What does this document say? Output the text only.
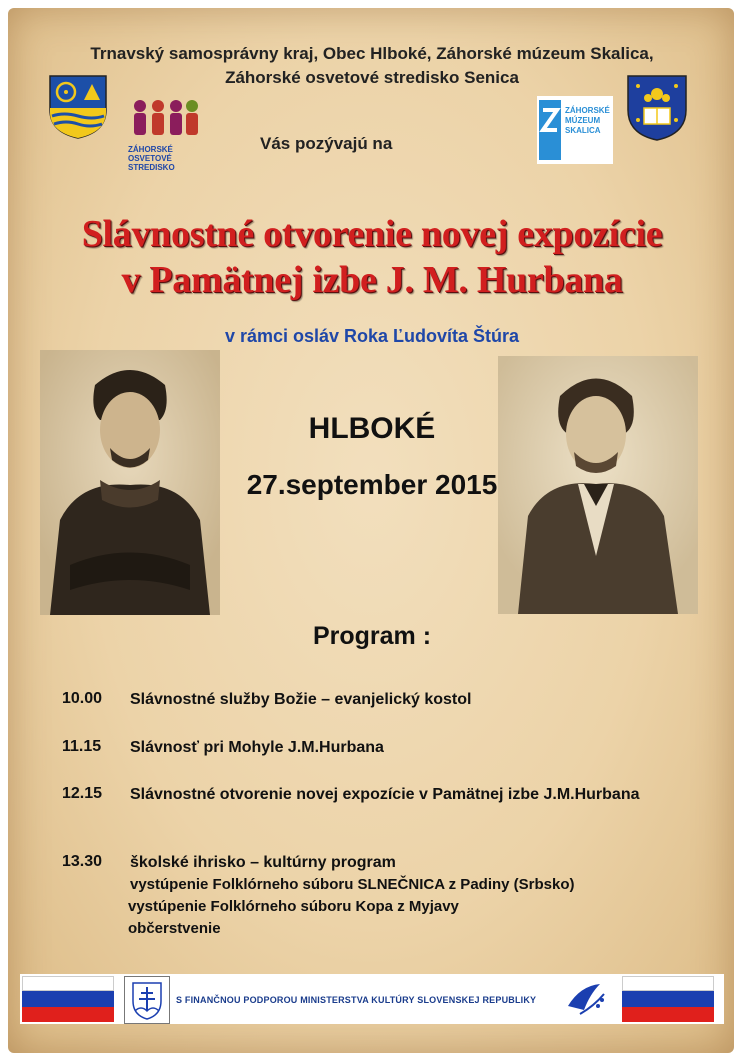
Trnavský samosprávny kraj, Obec Hlboké, Záhorské múzeum Skalica,
Záhorské osvetové stredisko Senica
ZÁHORSKÉ
OSVETOVÉ
STREDISKO
Vás pozývajú na
ZÁHORSKÉ
MÚZEUM
SKALICA
Slávnostné otvorenie novej expozície
v Pamätnej izbe J. M. Hurbana
v rámci osláv Roka Ľudovíta Štúra
HLBOKÉ
27.september 2015
Program :
10.00 Slávnostné služby Božie – evanjelický kostol
11.15 Slávnosť pri Mohyle J.M.Hurbana
12.15 Slávnostné otvorenie novej expozície v Pamätnej izbe J.M.Hurbana
13.30 školské ihrisko – kultúrny program
vystúpenie Folklórneho súboru SLNEČNICA z Padiny (Srbsko)
vystúpenie Folklórneho súboru Kopa z Myjavy
občerstvenie
S FINANČNOU PODPOROU MINISTERSTVA KULTÚRY SLOVENSKEJ REPUBLIKY
